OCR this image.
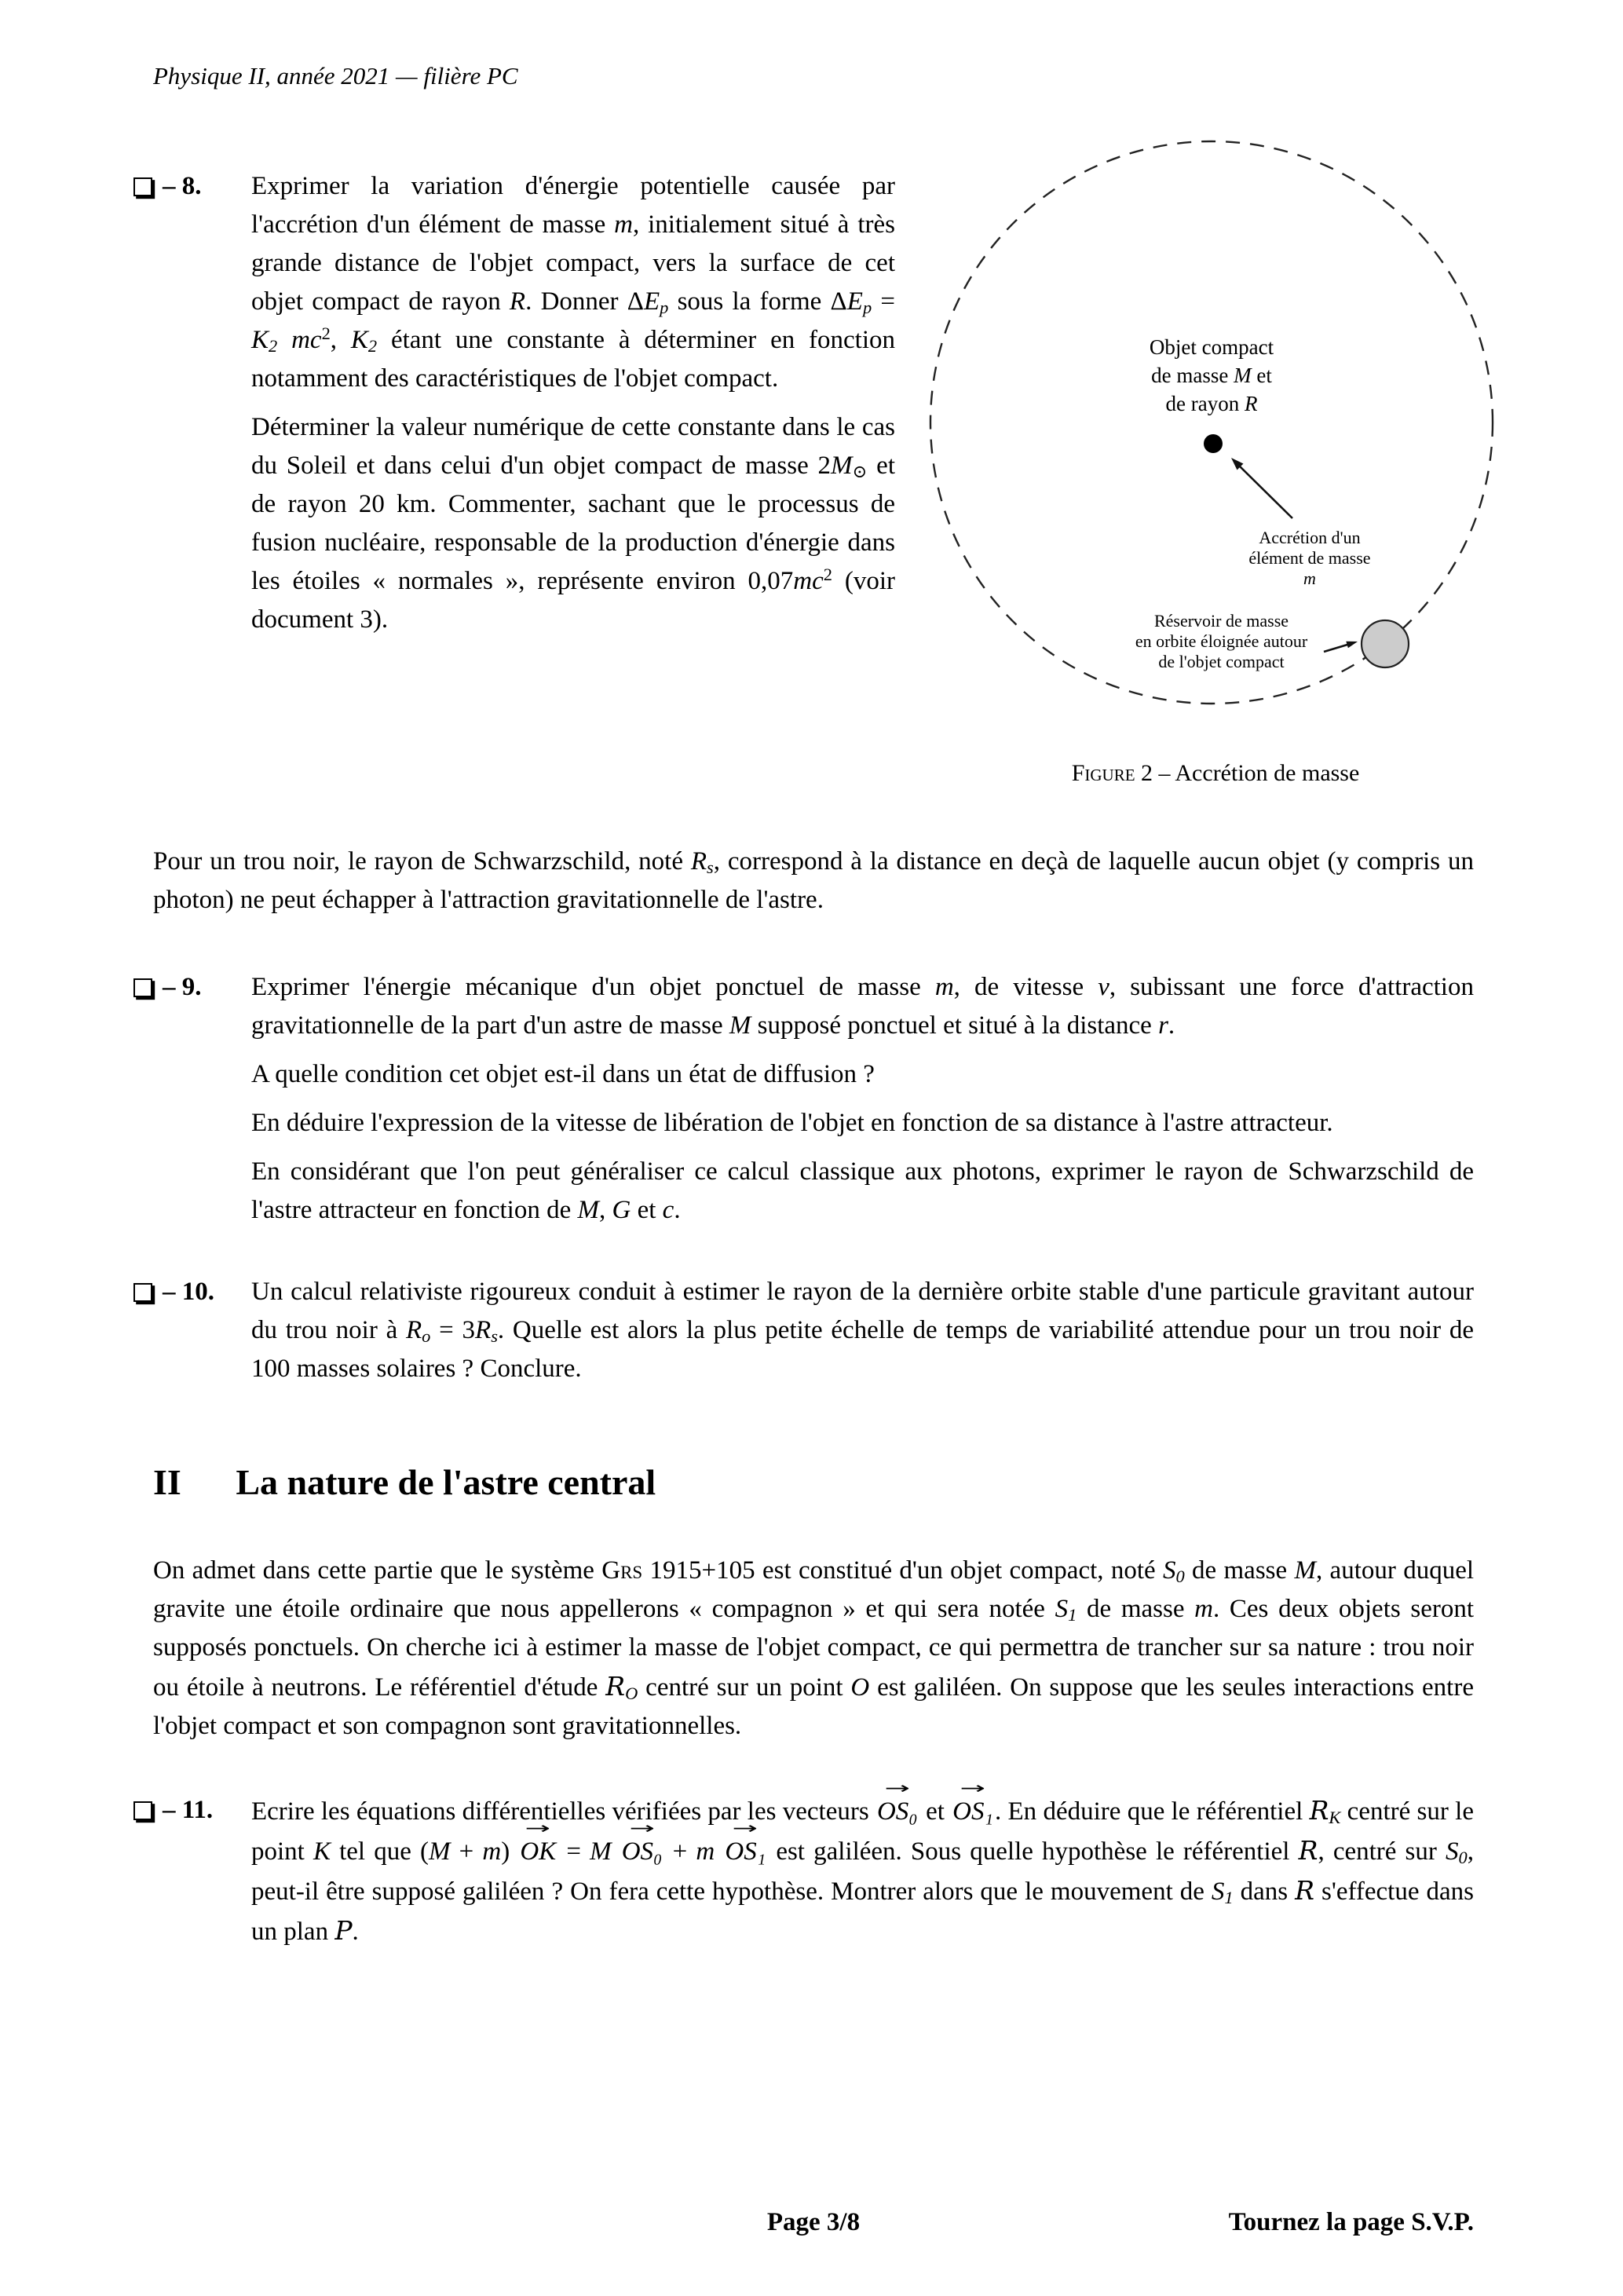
Physique II, année 2021 — filière PC
– 8. Exprimer la variation d'énergie potentielle causée par l'accrétion d'un élément de masse m, initialement situé à très grande distance de l'objet compact, vers la surface de cet objet compact de rayon R. Donner ΔEp sous la forme ΔEp = K2 $mc^2$, K2 étant une constante à déterminer en fonction notamment des caractéristiques de l'objet compact.

Déterminer la valeur numérique de cette constante dans le cas du Soleil et dans celui d'un objet compact de masse 2M⊙ et de rayon 20 km. Commenter, sachant que le processus de fusion nucléaire, responsable de la production d'énergie dans les étoiles « normales », représente environ $0,07mc^2$ (voir document 3).

Objet compact
de masse M et
de rayon R
Accrétion d'un
élément de masse
m
Réservoir de masse
en orbite éloignée autour
de l'objet compact
Figure 2 – Accrétion de masse

Pour un trou noir, le rayon de Schwarzschild, noté Rs, correspond à la distance en deçà de laquelle aucun objet (y compris un photon) ne peut échapper à l'attraction gravitationnelle de l'astre.

– 9. Exprimer l'énergie mécanique d'un objet ponctuel de masse m, de vitesse v, subissant une force d'attraction gravitationnelle de la part d'un astre de masse M supposé ponctuel et situé à la distance r.

A quelle condition cet objet est-il dans un état de diffusion ?

En déduire l'expression de la vitesse de libération de l'objet en fonction de sa distance à l'astre attracteur.

En considérant que l'on peut généraliser ce calcul classique aux photons, exprimer le rayon de Schwarzschild de l'astre attracteur en fonction de M, G et c.

– 10. Un calcul relativiste rigoureux conduit à estimer le rayon de la dernière orbite stable d'une particule gravitant autour du trou noir à Ro = 3Rs. Quelle est alors la plus petite échelle de temps de variabilité attendue pour un trou noir de 100 masses solaires ? Conclure.

II La nature de l'astre central

On admet dans cette partie que le système Grs 1915+105 est constitué d'un objet compact, noté S0 de masse M, autour duquel gravite une étoile ordinaire que nous appellerons « compagnon » et qui sera notée S1 de masse m. Ces deux objets seront supposés ponctuels. On cherche ici à estimer la masse de l'objet compact, ce qui permettra de trancher sur sa nature : trou noir ou étoile à neutrons. Le référentiel d'étude RO centré sur un point O est galiléen. On suppose que les seules interactions entre l'objet compact et son compagnon sont gravitationnelles.

– 11. Ecrire les équations différentielles vérifiées par les vecteurs → OS₀ et → OS₁. En déduire que le référentiel RK centré sur le point K tel que (M + m) → OK = M → OS₀ + m → OS₁ est galiléen. Sous quelle hypothèse le référentiel R, centré sur S0, peut-il être supposé galiléen ? On fera cette hypothèse. Montrer alors que le mouvement de S1 dans R s'effectue dans un plan P.

Page 3/8	Tournez la page S.V.P.
